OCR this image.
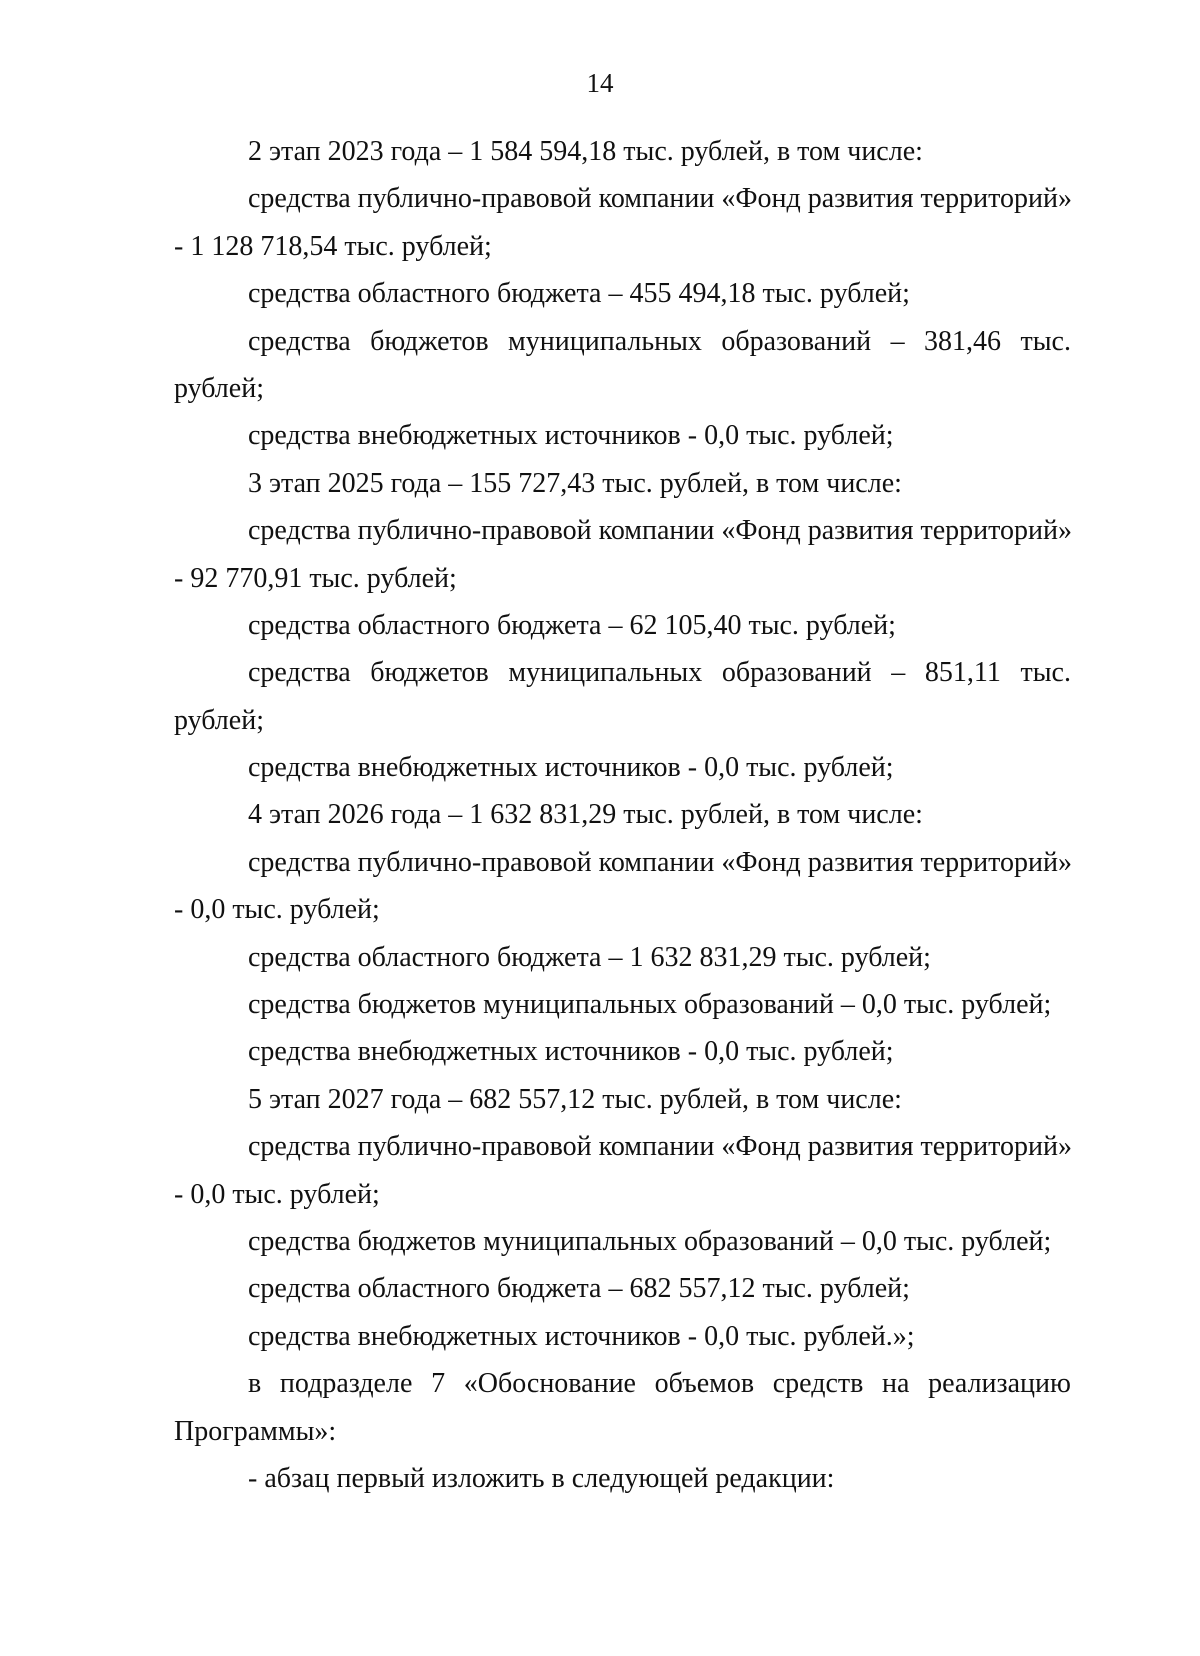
14
2 этап 2023 года – 1 584 594,18 тыс. рублей, в том числе:
средства публично-правовой компании «Фонд развития территорий»
- 1 128 718,54 тыс. рублей;
средства областного бюджета – 455 494,18 тыс. рублей;
средства бюджетов муниципальных образований – 381,46 тыс.
рублей;
средства внебюджетных источников - 0,0 тыс. рублей;
3 этап 2025 года – 155 727,43 тыс. рублей, в том числе:
средства публично-правовой компании «Фонд развития территорий»
- 92 770,91 тыс. рублей;
средства областного бюджета – 62 105,40 тыс. рублей;
средства бюджетов муниципальных образований – 851,11 тыс.
рублей;
средства внебюджетных источников - 0,0 тыс. рублей;
4 этап 2026 года – 1 632 831,29 тыс. рублей, в том числе:
средства публично-правовой компании «Фонд развития территорий»
- 0,0 тыс. рублей;
средства областного бюджета – 1 632 831,29 тыс. рублей;
средства бюджетов муниципальных образований – 0,0 тыс. рублей;
средства внебюджетных источников - 0,0 тыс. рублей;
5 этап 2027 года – 682 557,12 тыс. рублей, в том числе:
средства публично-правовой компании «Фонд развития территорий»
- 0,0 тыс. рублей;
средства бюджетов муниципальных образований – 0,0 тыс. рублей;
средства областного бюджета – 682 557,12 тыс. рублей;
средства внебюджетных источников - 0,0 тыс. рублей.»;
в подразделе 7 «Обоснование объемов средств на реализацию
Программы»:
- абзац первый изложить в следующей редакции:
